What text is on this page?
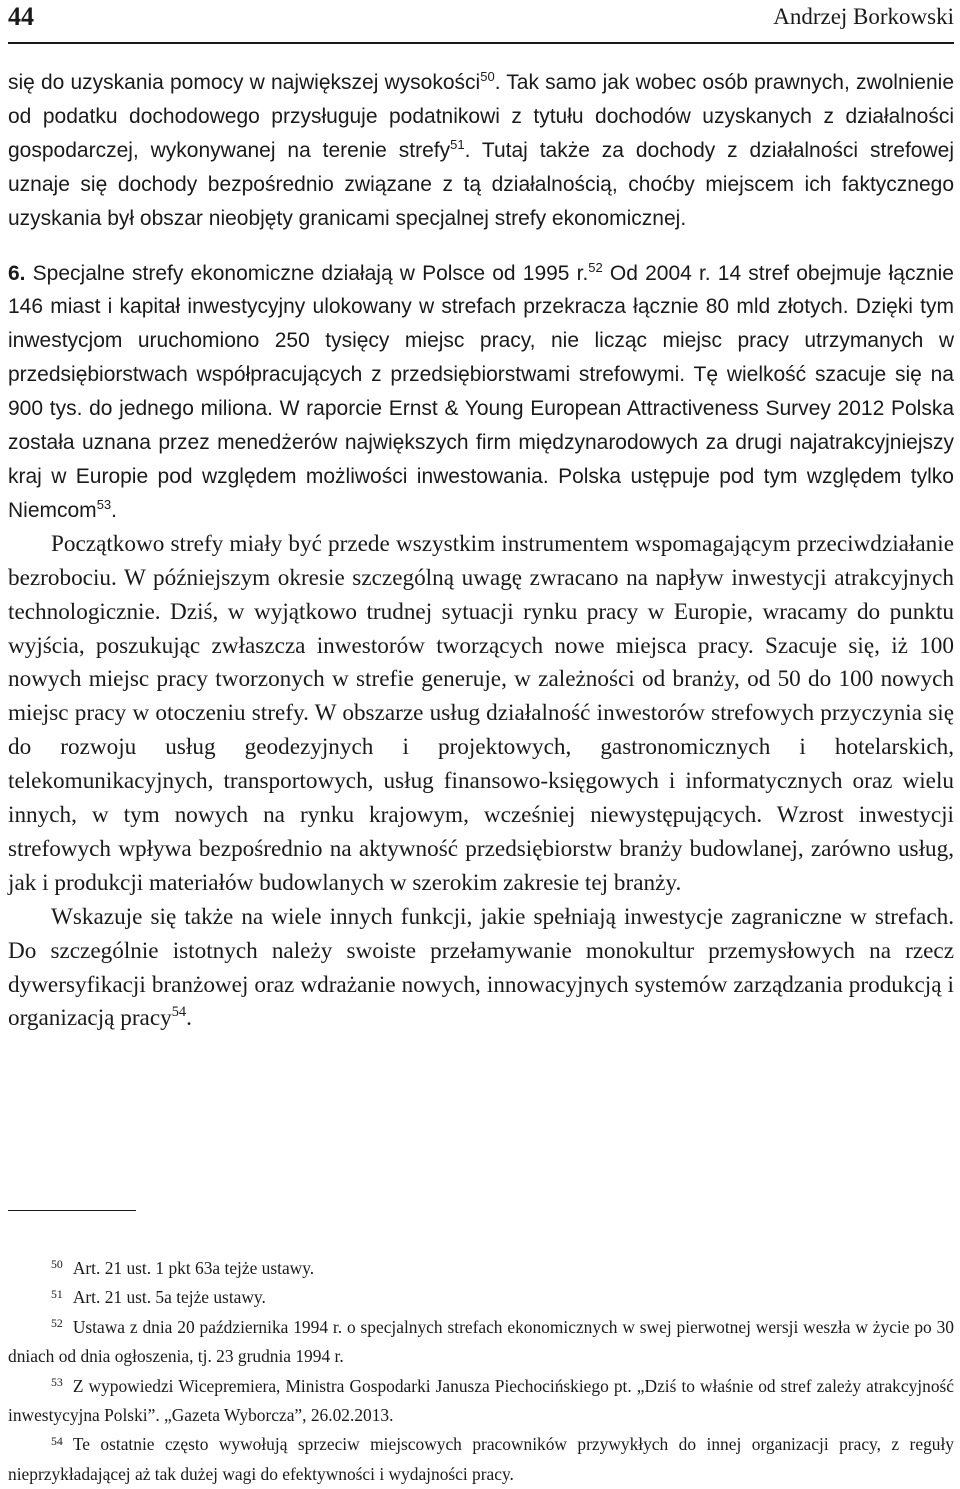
44	Andrzej Borkowski

się do uzyskania pomocy w największej wysokości$^{50}$. Tak samo jak wobec osób prawnych, zwolnienie od podatku dochodowego przysługuje podatnikowi z tytułu dochodów uzyskanych z działalności gospodarczej, wykonywanej na terenie strefy$^{51}$. Tutaj także za dochody z działalności strefowej uznaje się dochody bezpośrednio związane z tą działalnością, choćby miejscem ich faktycznego uzyskania był obszar nieobjęty granicami specjalnej strefy ekonomicznej.

6. Specjalne strefy ekonomiczne działają w Polsce od 1995 r.$^{52}$ Od 2004 r. 14 stref obejmuje łącznie 146 miast i kapitał inwestycyjny ulokowany w strefach przekracza łącznie 80 mld złotych. Dzięki tym inwestycjom uruchomiono 250 tysięcy miejsc pracy, nie licząc miejsc pracy utrzymanych w przedsiębiorstwach współpracujących z przedsiębiorstwami strefowymi. Tę wielkość szacuje się na 900 tys. do jednego miliona. W raporcie Ernst & Young European Attractiveness Survey 2012 Polska została uznana przez menedżerów największych firm międzynarodowych za drugi najatrakcyjniejszy kraj w Europie pod względem możliwości inwestowania. Polska ustępuje pod tym względem tylko Niemcom$^{53}$.

Początkowo strefy miały być przede wszystkim instrumentem wspomagającym przeciwdziałanie bezrobociu. W późniejszym okresie szczególną uwagę zwracano na napływ inwestycji atrakcyjnych technologicznie. Dziś, w wyjątkowo trudnej sytuacji rynku pracy w Europie, wracamy do punktu wyjścia, poszukując zwłaszcza inwestorów tworzących nowe miejsca pracy. Szacuje się, iż 100 nowych miejsc pracy tworzonych w strefie generuje, w zależności od branży, od 50 do 100 nowych miejsc pracy w otoczeniu strefy. W obszarze usług działalność inwestorów strefowych przyczynia się do rozwoju usług geodezyjnych i projektowych, gastronomicznych i hotelarskich, telekomunikacyjnych, transportowych, usług finansowo-księgowych i informatycznych oraz wielu innych, w tym nowych na rynku krajowym, wcześniej niewystępujących. Wzrost inwestycji strefowych wpływa bezpośrednio na aktywność przedsiębiorstw branży budowlanej, zarówno usług, jak i produkcji materiałów budowlanych w szerokim zakresie tej branży.

Wskazuje się także na wiele innych funkcji, jakie spełniają inwestycje zagraniczne w strefach. Do szczególnie istotnych należy swoiste przełamywanie monokultur przemysłowych na rzecz dywersyfikacji branżowej oraz wdrażanie nowych, innowacyjnych systemów zarządzania produkcją i organizacją pracy$^{54}$.

$^{50}$ Art. 21 ust. 1 pkt 63a tejże ustawy.

$^{51}$ Art. 21 ust. 5a tejże ustawy.

$^{52}$ Ustawa z dnia 20 października 1994 r. o specjalnych strefach ekonomicznych w swej pierwotnej wersji weszła w życie po 30 dniach od dnia ogłoszenia, tj. 23 grudnia 1994 r.

$^{53}$ Z wypowiedzi Wicepremiera, Ministra Gospodarki Janusza Piechocińskiego pt. „Dziś to właśnie od stref zależy atrakcyjność inwestycyjna Polski”. „Gazeta Wyborcza”, 26.02.2013.

$^{54}$ Te ostatnie często wywołują sprzeciw miejscowych pracowników przywykłych do innej organizacji pracy, z reguły nieprzykładającej aż tak dużej wagi do efektywności i wydajności pracy.
